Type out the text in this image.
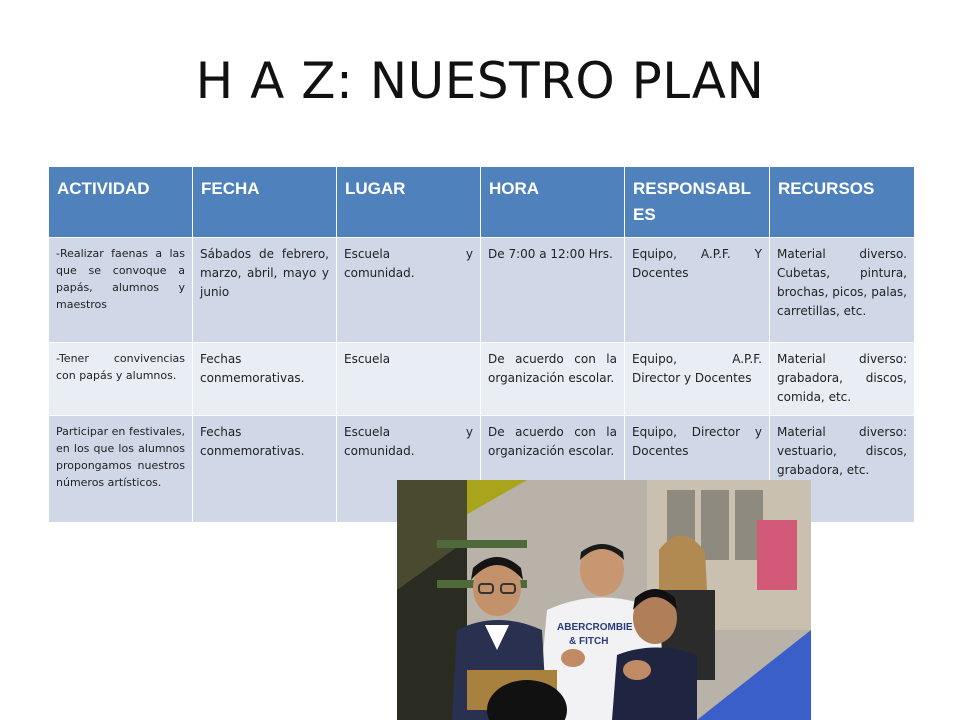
H A Z: NUESTRO PLAN
ACTIVIDAD	FECHA	LUGAR	HORA	RESPONSABLES	RECURSOS
-Realizar faenas a las que se convoque a papás, alumnos y maestros	Sábados de febrero, marzo, abril, mayo y junio	Escuela y comunidad.	De 7:00 a 12:00 Hrs.	Equipo, A.P.F. Y Docentes	Material diverso. Cubetas, pintura, brochas, picos, palas, carretillas, etc.
-Tener convivencias con papás y alumnos.	Fechas conmemorativas.	Escuela	De acuerdo con la organización escolar.	Equipo, A.P.F. Director y Docentes	Material diverso: grabadora, discos, comida, etc.
Participar en festivales, en los que los alumnos propongamos nuestros números artísticos.	Fechas conmemorativas.	Escuela y comunidad.	De acuerdo con la organización escolar.	Equipo, Director y Docentes	Material diverso: vestuario, discos, grabadora, etc.
ABERCROMBIE
& FITCH
